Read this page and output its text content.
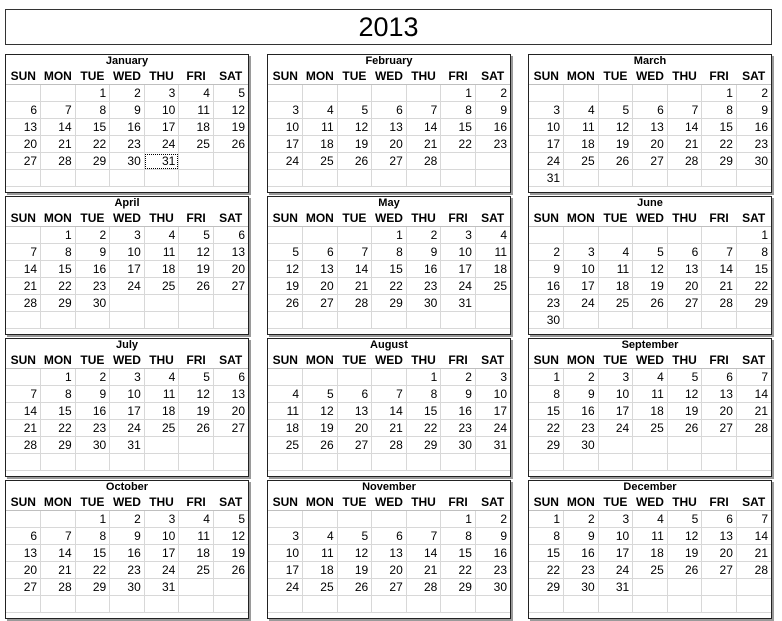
2013
January
SUN	MON	TUE	WED	THU	FRI	SAT
		1	2	3	4	5
6	7	8	9	10	11	12
13	14	15	16	17	18	19
20	21	22	23	24	25	26
27	28	29	30	31		

February
SUN	MON	TUE	WED	THU	FRI	SAT
					1	2
3	4	5	6	7	8	9
10	11	12	13	14	15	16
17	18	19	20	21	22	23
24	25	26	27	28		

March
SUN	MON	TUE	WED	THU	FRI	SAT
					1	2
3	4	5	6	7	8	9
10	11	12	13	14	15	16
17	18	19	20	21	22	23
24	25	26	27	28	29	30
31						
April
SUN	MON	TUE	WED	THU	FRI	SAT
	1	2	3	4	5	6
7	8	9	10	11	12	13
14	15	16	17	18	19	20
21	22	23	24	25	26	27
28	29	30				

May
SUN	MON	TUE	WED	THU	FRI	SAT
			1	2	3	4
5	6	7	8	9	10	11
12	13	14	15	16	17	18
19	20	21	22	23	24	25
26	27	28	29	30	31	

June
SUN	MON	TUE	WED	THU	FRI	SAT
						1
2	3	4	5	6	7	8
9	10	11	12	13	14	15
16	17	18	19	20	21	22
23	24	25	26	27	28	29
30						
July
SUN	MON	TUE	WED	THU	FRI	SAT
	1	2	3	4	5	6
7	8	9	10	11	12	13
14	15	16	17	18	19	20
21	22	23	24	25	26	27
28	29	30	31			

August
SUN	MON	TUE	WED	THU	FRI	SAT
				1	2	3
4	5	6	7	8	9	10
11	12	13	14	15	16	17
18	19	20	21	22	23	24
25	26	27	28	29	30	31

September
SUN	MON	TUE	WED	THU	FRI	SAT
1	2	3	4	5	6	7
8	9	10	11	12	13	14
15	16	17	18	19	20	21
22	23	24	25	26	27	28
29	30					

October
SUN	MON	TUE	WED	THU	FRI	SAT
		1	2	3	4	5
6	7	8	9	10	11	12
13	14	15	16	17	18	19
20	21	22	23	24	25	26
27	28	29	30	31		

November
SUN	MON	TUE	WED	THU	FRI	SAT
					1	2
3	4	5	6	7	8	9
10	11	12	13	14	15	16
17	18	19	20	21	22	23
24	25	26	27	28	29	30

December
SUN	MON	TUE	WED	THU	FRI	SAT
1	2	3	4	5	6	7
8	9	10	11	12	13	14
15	16	17	18	19	20	21
22	23	24	25	26	27	28
29	30	31				
